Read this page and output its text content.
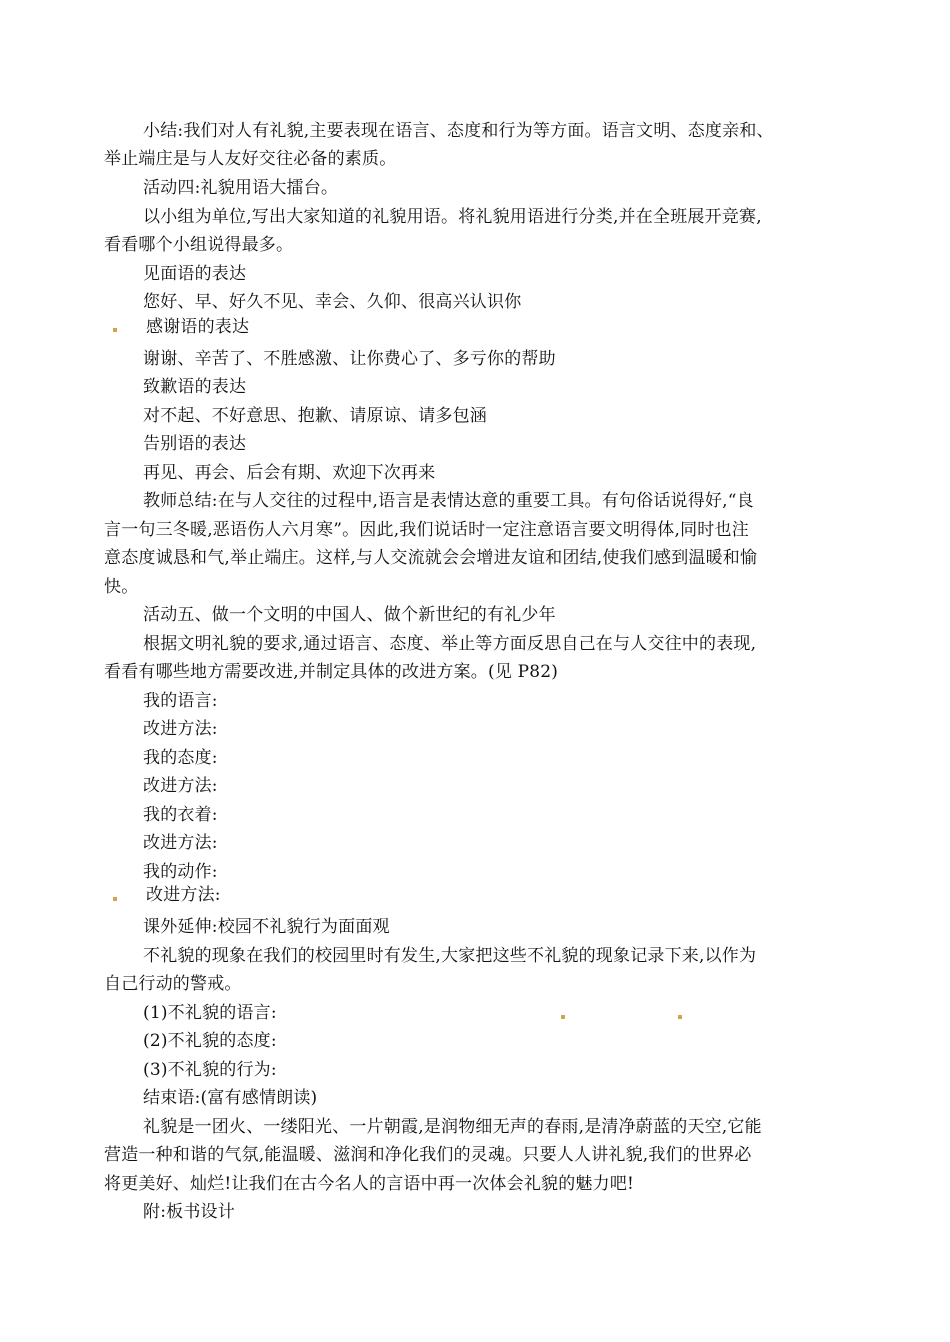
小结:我们对人有礼貌,主要表现在语言、态度和行为等方面。语言文明、态度亲和、
举止端庄是与人友好交往必备的素质。
活动四:礼貌用语大擂台。
以小组为单位,写出大家知道的礼貌用语。将礼貌用语进行分类,并在全班展开竞赛,
看看哪个小组说得最多。
见面语的表达
您好、早、好久不见、幸会、久仰、很高兴认识你
感谢语的表达
谢谢、辛苦了、不胜感激、让你费心了、多亏你的帮助
致歉语的表达
对不起、不好意思、抱歉、请原谅、请多包涵
告别语的表达
再见、再会、后会有期、欢迎下次再来
教师总结:在与人交往的过程中,语言是表情达意的重要工具。有句俗话说得好,“良
言一句三冬暖,恶语伤人六月寒”。因此,我们说话时一定注意语言要文明得体,同时也注
意态度诚恳和气,举止端庄。这样,与人交流就会会增进友谊和团结,使我们感到温暖和愉
快。
活动五、做一个文明的中国人、做个新世纪的有礼少年
根据文明礼貌的要求,通过语言、态度、举止等方面反思自己在与人交往中的表现,
看看有哪些地方需要改进,并制定具体的改进方案。(见 P82)
我的语言:
改进方法:
我的态度:
改进方法:
我的衣着:
改进方法:
我的动作:
改进方法:
课外延伸:校园不礼貌行为面面观
不礼貌的现象在我们的校园里时有发生,大家把这些不礼貌的现象记录下来,以作为
自己行动的警戒。
(1)不礼貌的语言:
(2)不礼貌的态度:
(3)不礼貌的行为:
结束语:(富有感情朗读)
礼貌是一团火、一缕阳光、一片朝霞,是润物细无声的春雨,是清净蔚蓝的天空,它能
营造一种和谐的气氛,能温暖、滋润和净化我们的灵魂。只要人人讲礼貌,我们的世界必
将更美好、灿烂!让我们在古今名人的言语中再一次体会礼貌的魅力吧!
附:板书设计
